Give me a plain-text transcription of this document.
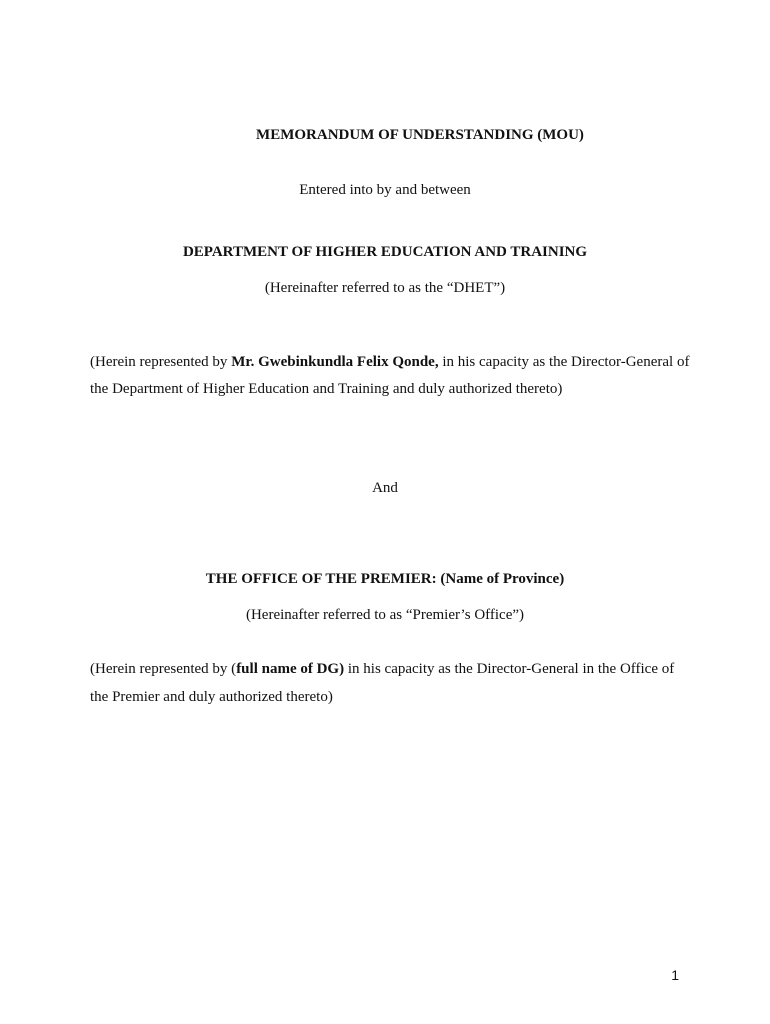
MEMORANDUM OF UNDERSTANDING (MOU)
Entered into by and between
DEPARTMENT OF HIGHER EDUCATION AND TRAINING
(Hereinafter referred to as the “DHET”)
(Herein represented by Mr. Gwebinkundla Felix Qonde, in his capacity as the Director-General of
the Department of Higher Education and Training and duly authorized thereto)
And
THE OFFICE OF THE PREMIER: (Name of Province)
(Hereinafter referred to as “Premier’s Office”)
(Herein represented by (full name of DG) in his capacity as the Director-General in the Office of
the Premier and duly authorized thereto)
1
